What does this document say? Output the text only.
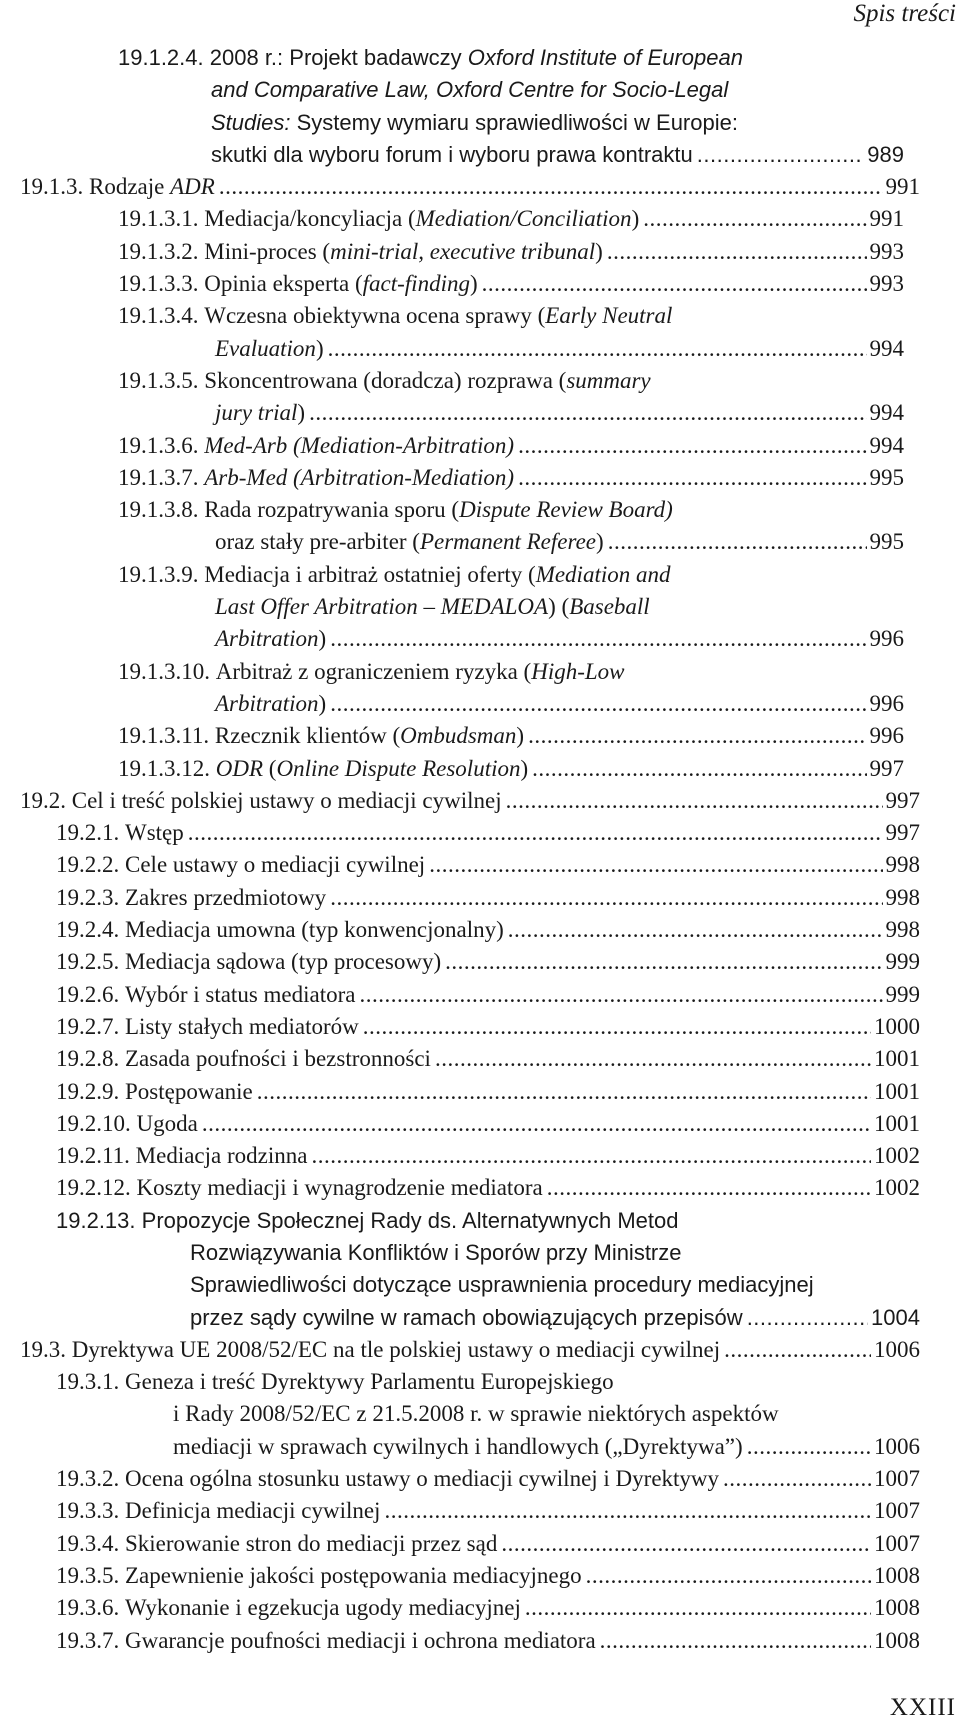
Spis treści
19.1.2.4. 2008 r.: Projekt badawczy Oxford Institute of European
and Comparative Law, Oxford Centre for Socio-Legal
Studies: Systemy wymiaru sprawiedliwości w Europie:
skutki dla wyboru forum i wyboru prawa kontraktu .....	989
19.1.3. Rodzaje ADR .....	991
19.1.3.1. Mediacja/koncyliacja (Mediation/Conciliation) .....	991
19.1.3.2. Mini-proces (mini-trial, executive tribunal) .....	993
19.1.3.3. Opinia eksperta (fact-finding) .....	993
19.1.3.4. Wczesna obiektywna ocena sprawy (Early Neutral
Evaluation) .....	994
19.1.3.5. Skoncentrowana (doradcza) rozprawa (summary
jury trial) .....	994
19.1.3.6. Med-Arb (Mediation-Arbitration) .....	994
19.1.3.7. Arb-Med (Arbitration-Mediation) .....	995
19.1.3.8. Rada rozpatrywania sporu (Dispute Review Board)
oraz stały pre-arbiter (Permanent Referee) .....	995
19.1.3.9. Mediacja i arbitraż ostatniej oferty (Mediation and
Last Offer Arbitration – MEDALOA) (Baseball
Arbitration) .....	996
19.1.3.10. Arbitraż z ograniczeniem ryzyka (High-Low
Arbitration) .....	996
19.1.3.11. Rzecznik klientów (Ombudsman) .....	996
19.1.3.12. ODR (Online Dispute Resolution) .....	997
19.2. Cel i treść polskiej ustawy o mediacji cywilnej .....	997
19.2.1. Wstęp .....	997
19.2.2. Cele ustawy o mediacji cywilnej .....	998
19.2.3. Zakres przedmiotowy .....	998
19.2.4. Mediacja umowna (typ konwencjonalny) .....	998
19.2.5. Mediacja sądowa (typ procesowy) .....	999
19.2.6. Wybór i status mediatora .....	999
19.2.7. Listy stałych mediatorów .....	1000
19.2.8. Zasada poufności i bezstronności .....	1001
19.2.9. Postępowanie .....	1001
19.2.10. Ugoda .....	1001
19.2.11. Mediacja rodzinna .....	1002
19.2.12. Koszty mediacji i wynagrodzenie mediatora .....	1002
19.2.13. Propozycje Społecznej Rady ds. Alternatywnych Metod
Rozwiązywania Konfliktów i Sporów przy Ministrze
Sprawiedliwości dotyczące usprawnienia procedury mediacyjnej
przez sądy cywilne w ramach obowiązujących przepisów .....	1004
19.3. Dyrektywa UE 2008/52/EC na tle polskiej ustawy o mediacji cywilnej .....	1006
19.3.1. Geneza i treść Dyrektywy Parlamentu Europejskiego
i Rady 2008/52/EC z 21.5.2008 r. w sprawie niektórych aspektów
mediacji w sprawach cywilnych i handlowych („Dyrektywa”) .....	1006
19.3.2. Ocena ogólna stosunku ustawy o mediacji cywilnej i Dyrektywy .....	1007
19.3.3. Definicja mediacji cywilnej .....	1007
19.3.4. Skierowanie stron do mediacji przez sąd .....	1007
19.3.5. Zapewnienie jakości postępowania mediacyjnego .....	1008
19.3.6. Wykonanie i egzekucja ugody mediacyjnej .....	1008
19.3.7. Gwarancje poufności mediacji i ochrona mediatora .....	1008
XXIII
